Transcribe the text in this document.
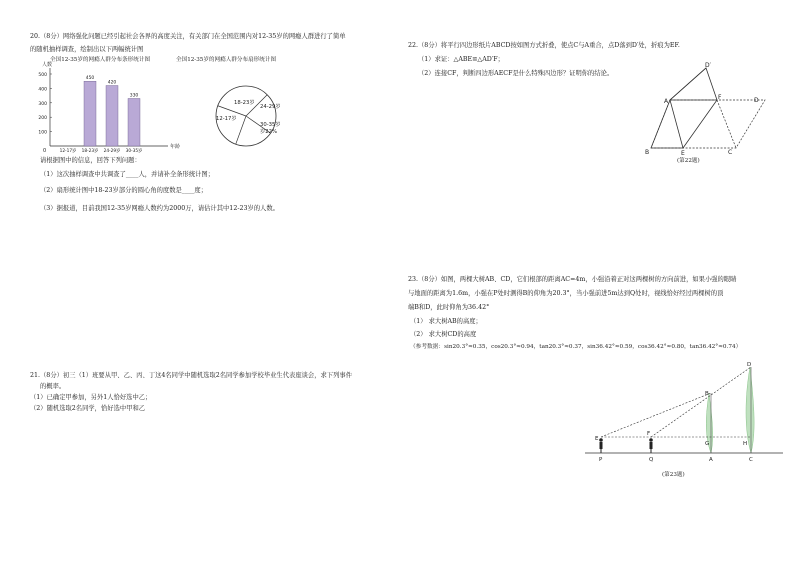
20.（8分）网络强化问题已经引起社会各界的高度关注，有关部门在全国范围内对12-35岁的网瘾人群进行了简单
的随机抽样调查，绘制出以下两幅统计图
全国12-35岁的网瘾人群分布条形统计图	全国12-35岁的网瘾人群分布扇形统计图
人数
年龄
0
100
200
300
400
500
12-17岁 18-23岁
450
24-29岁
420
30-35岁
330
18-23岁
24-29岁
30-35岁
岁22%
12-17岁
请根据图中的信息，回答下列问题：
（1）这次抽样调查中共调查了____人，并请补全条形统计图；
（2）扇形统计图中18-23岁部分的圆心角的度数是____度；
（3）据报道，目前我国12-35岁网瘾人数约为2000万，请估计其中12-23岁的人数。
21.（8分）初三（1）班要从甲、乙、丙、丁这4名同学中随机选取2名同学参加学校毕业生代表座谈会，求下列事件
的概率。
（1）已确定甲参加，另外1人恰好选中乙；
（2）随机选取2名同学，恰好选中甲和乙
22.（8分）将平行四边形纸片ABCD按如图方式折叠，使点C与A重合，点D落到D′处，折痕为EF.
（1）求证：△ABE≌△AD′F；
（2）连接CF，判断四边形AECF是什么特殊四边形？证明你的结论。
A
B	E
F
D′
D
C
(第22题)
23.（8分）如图，两棵大树AB、CD，它们根部的距离AC=4m，小强沿着正对这两棵树的方向前进，如果小强的眼睛
与地面的距离为1.6m，小强在P处时测得B的仰角为20.3°，当小强前进5m达到Q处时，视线恰好经过两棵树的顶
端B和D，此时仰角为36.42°
（1） 求大树AB的高度；
（2） 求大树CD的高度
（参考数据：sin20.3°≈0.35，cos20.3°≈0.94，tan20.3°≈0.37，sin36.42°≈0.59，cos36.42°≈0.80，tan36.42°≈0.74）
E
F
B
D
G	H
P	Q	A	C
(第23题)
